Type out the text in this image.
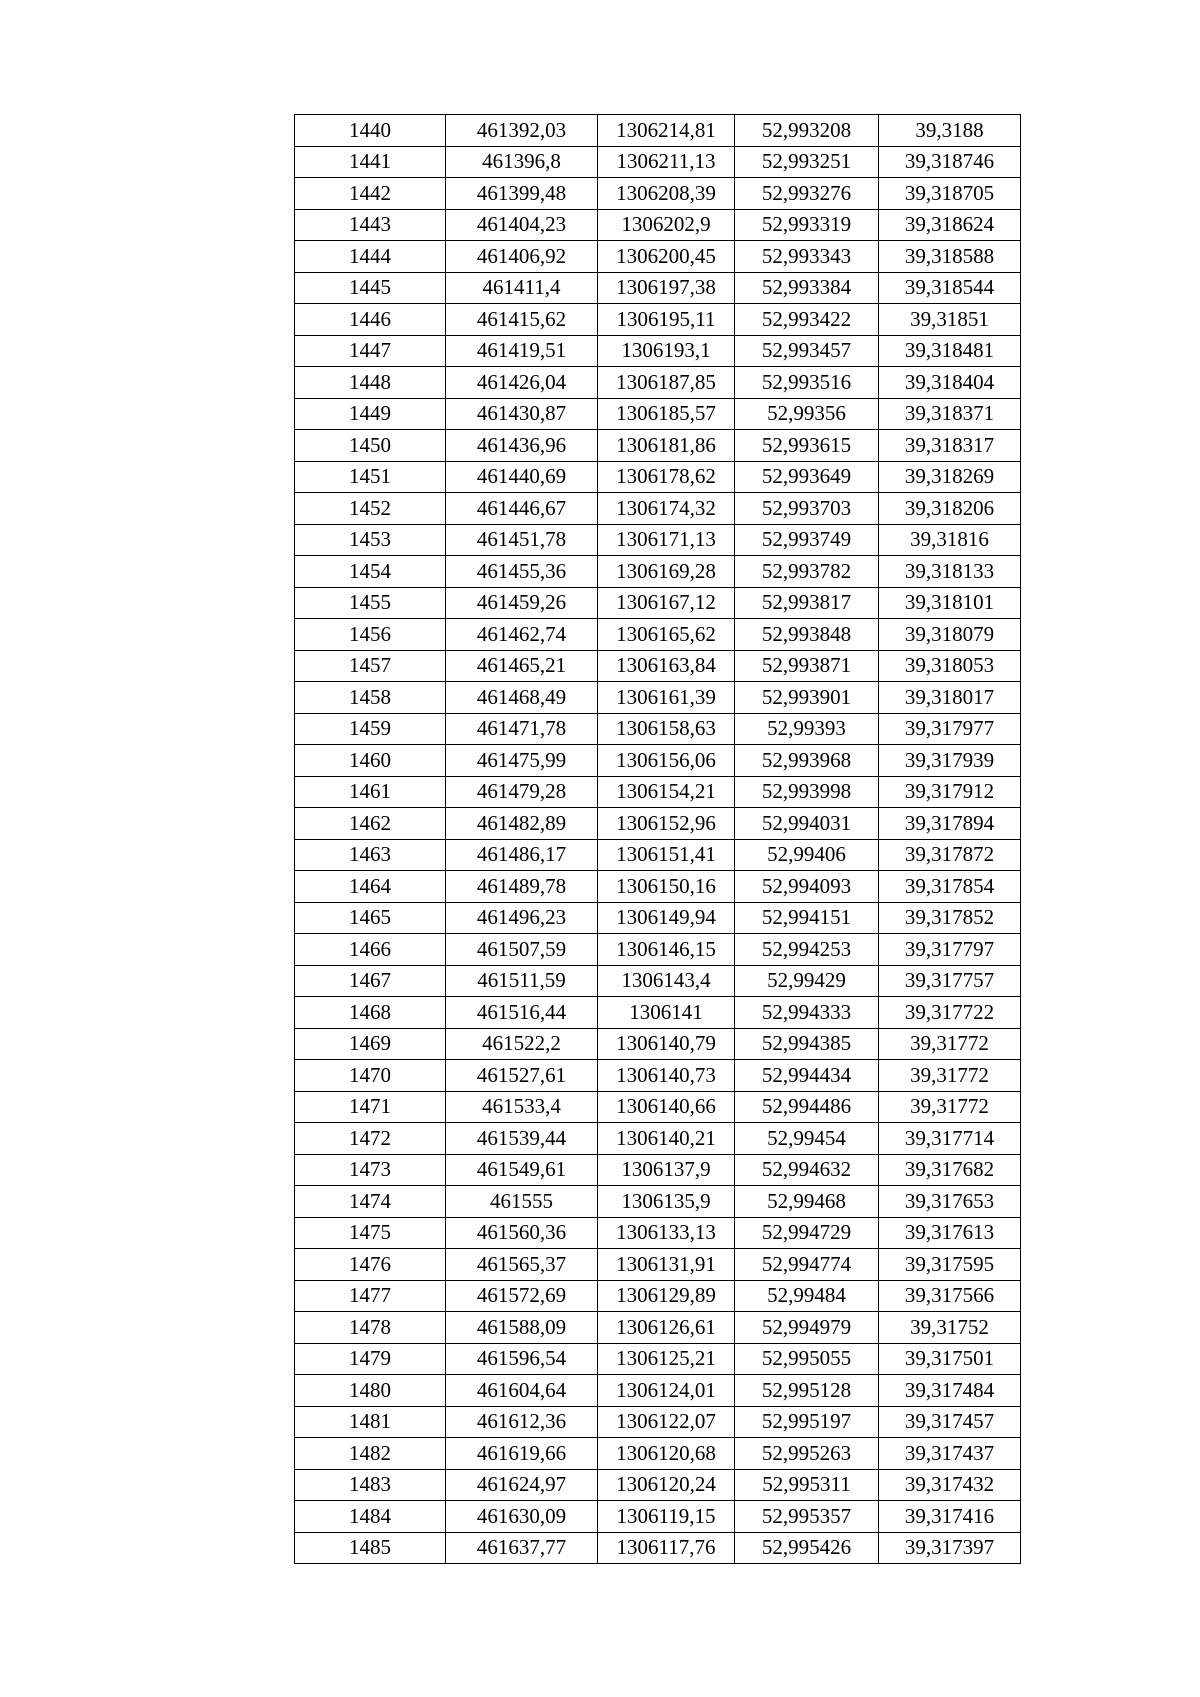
1440	461392,03	1306214,81	52,993208	39,3188
1441	461396,8	1306211,13	52,993251	39,318746
1442	461399,48	1306208,39	52,993276	39,318705
1443	461404,23	1306202,9	52,993319	39,318624
1444	461406,92	1306200,45	52,993343	39,318588
1445	461411,4	1306197,38	52,993384	39,318544
1446	461415,62	1306195,11	52,993422	39,31851
1447	461419,51	1306193,1	52,993457	39,318481
1448	461426,04	1306187,85	52,993516	39,318404
1449	461430,87	1306185,57	52,99356	39,318371
1450	461436,96	1306181,86	52,993615	39,318317
1451	461440,69	1306178,62	52,993649	39,318269
1452	461446,67	1306174,32	52,993703	39,318206
1453	461451,78	1306171,13	52,993749	39,31816
1454	461455,36	1306169,28	52,993782	39,318133
1455	461459,26	1306167,12	52,993817	39,318101
1456	461462,74	1306165,62	52,993848	39,318079
1457	461465,21	1306163,84	52,993871	39,318053
1458	461468,49	1306161,39	52,993901	39,318017
1459	461471,78	1306158,63	52,99393	39,317977
1460	461475,99	1306156,06	52,993968	39,317939
1461	461479,28	1306154,21	52,993998	39,317912
1462	461482,89	1306152,96	52,994031	39,317894
1463	461486,17	1306151,41	52,99406	39,317872
1464	461489,78	1306150,16	52,994093	39,317854
1465	461496,23	1306149,94	52,994151	39,317852
1466	461507,59	1306146,15	52,994253	39,317797
1467	461511,59	1306143,4	52,99429	39,317757
1468	461516,44	1306141	52,994333	39,317722
1469	461522,2	1306140,79	52,994385	39,31772
1470	461527,61	1306140,73	52,994434	39,31772
1471	461533,4	1306140,66	52,994486	39,31772
1472	461539,44	1306140,21	52,99454	39,317714
1473	461549,61	1306137,9	52,994632	39,317682
1474	461555	1306135,9	52,99468	39,317653
1475	461560,36	1306133,13	52,994729	39,317613
1476	461565,37	1306131,91	52,994774	39,317595
1477	461572,69	1306129,89	52,99484	39,317566
1478	461588,09	1306126,61	52,994979	39,31752
1479	461596,54	1306125,21	52,995055	39,317501
1480	461604,64	1306124,01	52,995128	39,317484
1481	461612,36	1306122,07	52,995197	39,317457
1482	461619,66	1306120,68	52,995263	39,317437
1483	461624,97	1306120,24	52,995311	39,317432
1484	461630,09	1306119,15	52,995357	39,317416
1485	461637,77	1306117,76	52,995426	39,317397
